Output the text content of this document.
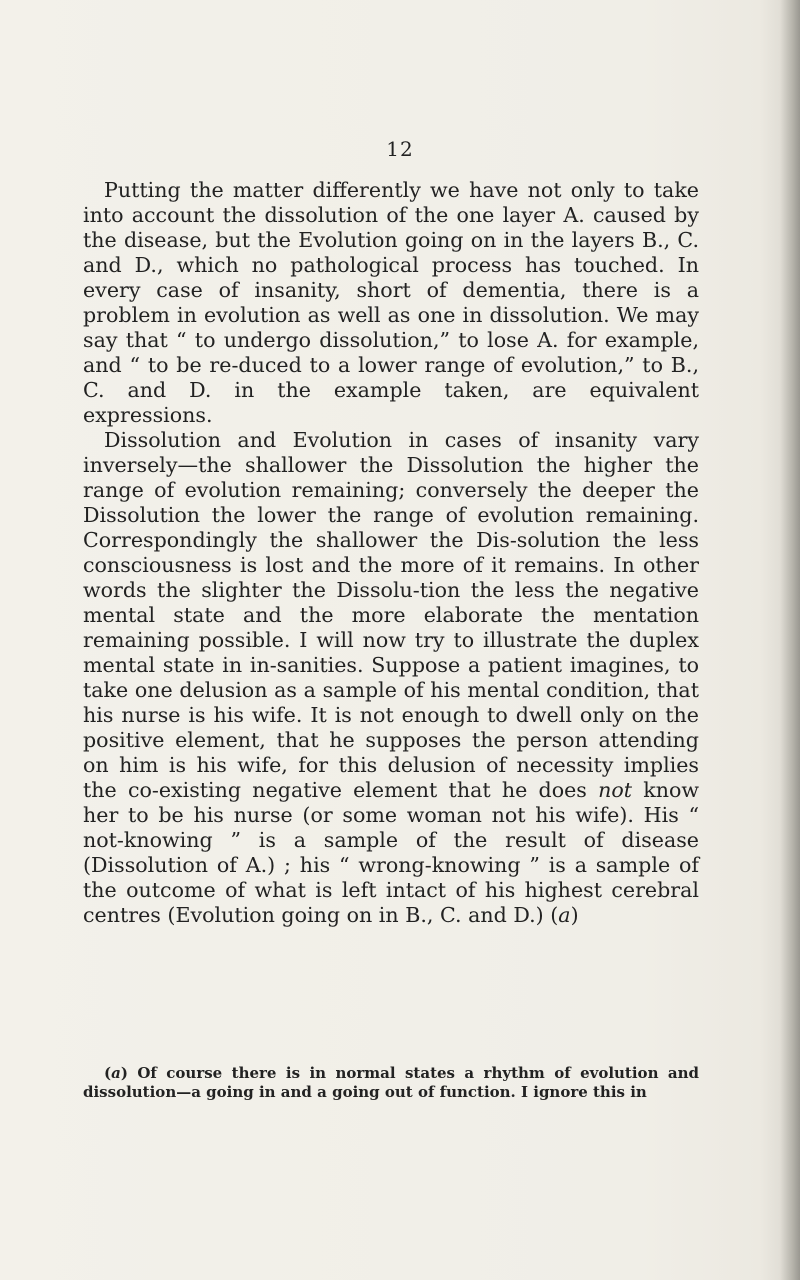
12

Putting the matter differently we have not only to take into account the dissolution of the one layer A. caused by the disease, but the Evolution going on in the layers B., C. and D., which no pathological process has touched. In every case of insanity, short of dementia, there is a problem in evolution as well as one in dissolution. We may say that “ to undergo dissolution,” to lose A. for example, and “ to be re-duced to a lower range of evolution,” to B., C. and D. in the example taken, are equivalent expressions.

Dissolution and Evolution in cases of insanity vary inversely—the shallower the Dissolution the higher the range of evolution remaining; conversely the deeper the Dissolution the lower the range of evolution remaining. Correspondingly the shallower the Dis-solution the less consciousness is lost and the more of it remains. In other words the slighter the Dissolu-tion the less the negative mental state and the more elaborate the mentation remaining possible. I will now try to illustrate the duplex mental state in in-sanities. Suppose a patient imagines, to take one delusion as a sample of his mental condition, that his nurse is his wife. It is not enough to dwell only on the positive element, that he supposes the person attending on him is his wife, for this delusion of necessity implies the co-existing negative element that he does not know her to be his nurse (or some woman not his wife). His “ not-knowing ” is a sample of the result of disease (Dissolution of A.) ; his “ wrong-knowing ” is a sample of the outcome of what is left intact of his highest cerebral centres (Evolution going on in B., C. and D.) (a)

(a) Of course there is in normal states a rhythm of evolution and dissolution—a going in and a going out of function. I ignore this in
